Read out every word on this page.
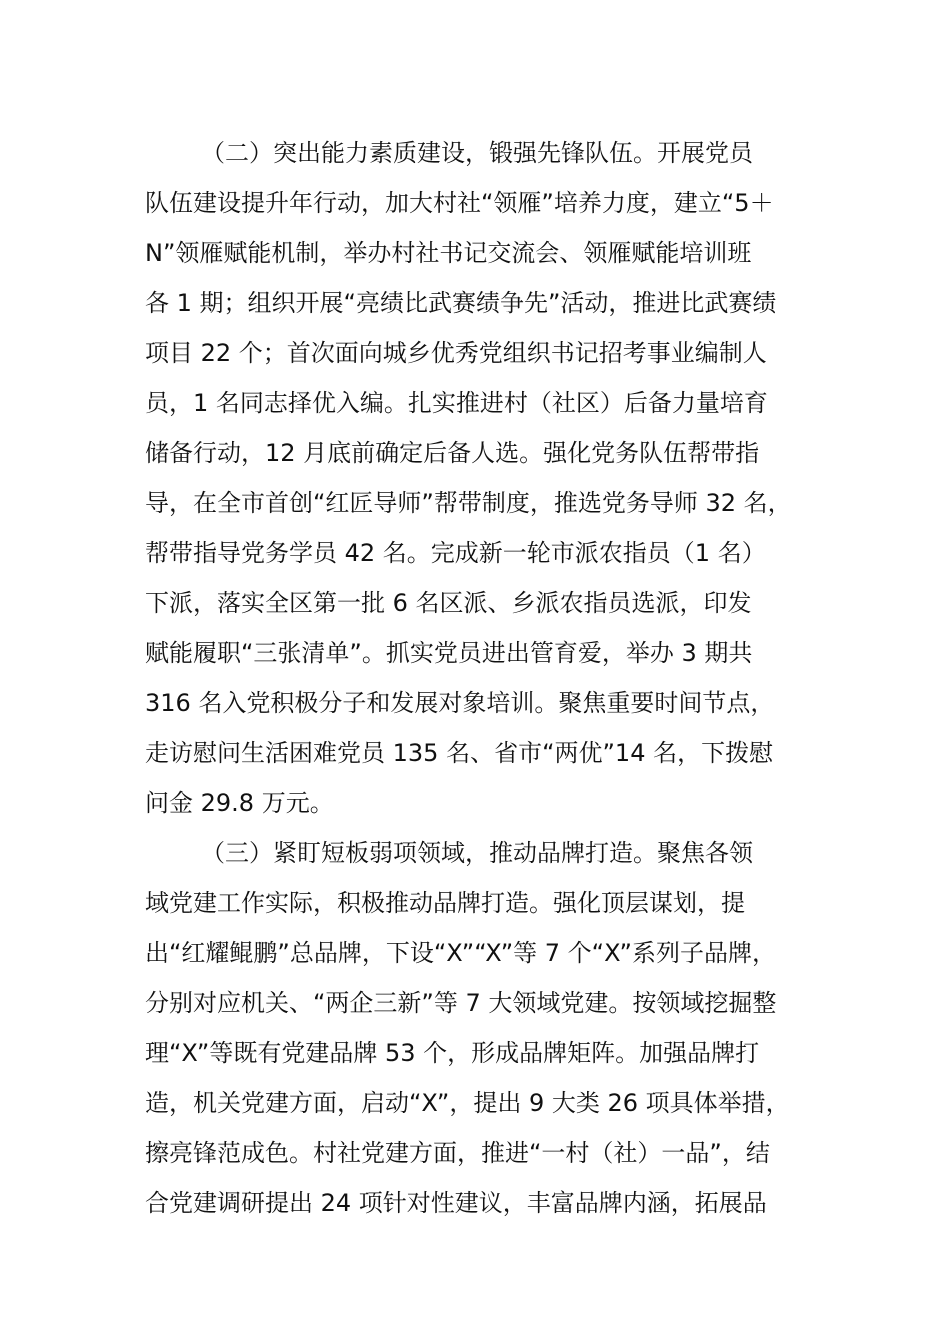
（二）突出能力素质建设，锻强先锋队伍。开展党员
队伍建设提升年行动，加大村社“领雁”培养力度，建立“5＋
N”领雁赋能机制，举办村社书记交流会、领雁赋能培训班
各 1 期；组织开展“亮绩比武赛绩争先”活动，推进比武赛绩
项目 22 个；首次面向城乡优秀党组织书记招考事业编制人
员，1 名同志择优入编。扎实推进村（社区）后备力量培育
储备行动，12 月底前确定后备人选。强化党务队伍帮带指
导，在全市首创“红匠导师”帮带制度，推选党务导师 32 名，
帮带指导党务学员 42 名。完成新一轮市派农指员（1 名）
下派，落实全区第一批 6 名区派、乡派农指员选派，印发
赋能履职“三张清单”。抓实党员进出管育爱，举办 3 期共
316 名入党积极分子和发展对象培训。聚焦重要时间节点，
走访慰问生活困难党员 135 名、省市“两优”14 名，下拨慰
问金 29.8 万元。
（三）紧盯短板弱项领域，推动品牌打造。聚焦各领
域党建工作实际，积极推动品牌打造。强化顶层谋划，提
出“红耀鲲鹏”总品牌，下设“X”“X”等 7 个“X”系列子品牌，
分别对应机关、“两企三新”等 7 大领域党建。按领域挖掘整
理“X”等既有党建品牌 53 个，形成品牌矩阵。加强品牌打
造，机关党建方面，启动“X”，提出 9 大类 26 项具体举措，
擦亮锋范成色。村社党建方面，推进“一村（社）一品”，结
合党建调研提出 24 项针对性建议，丰富品牌内涵，拓展品
